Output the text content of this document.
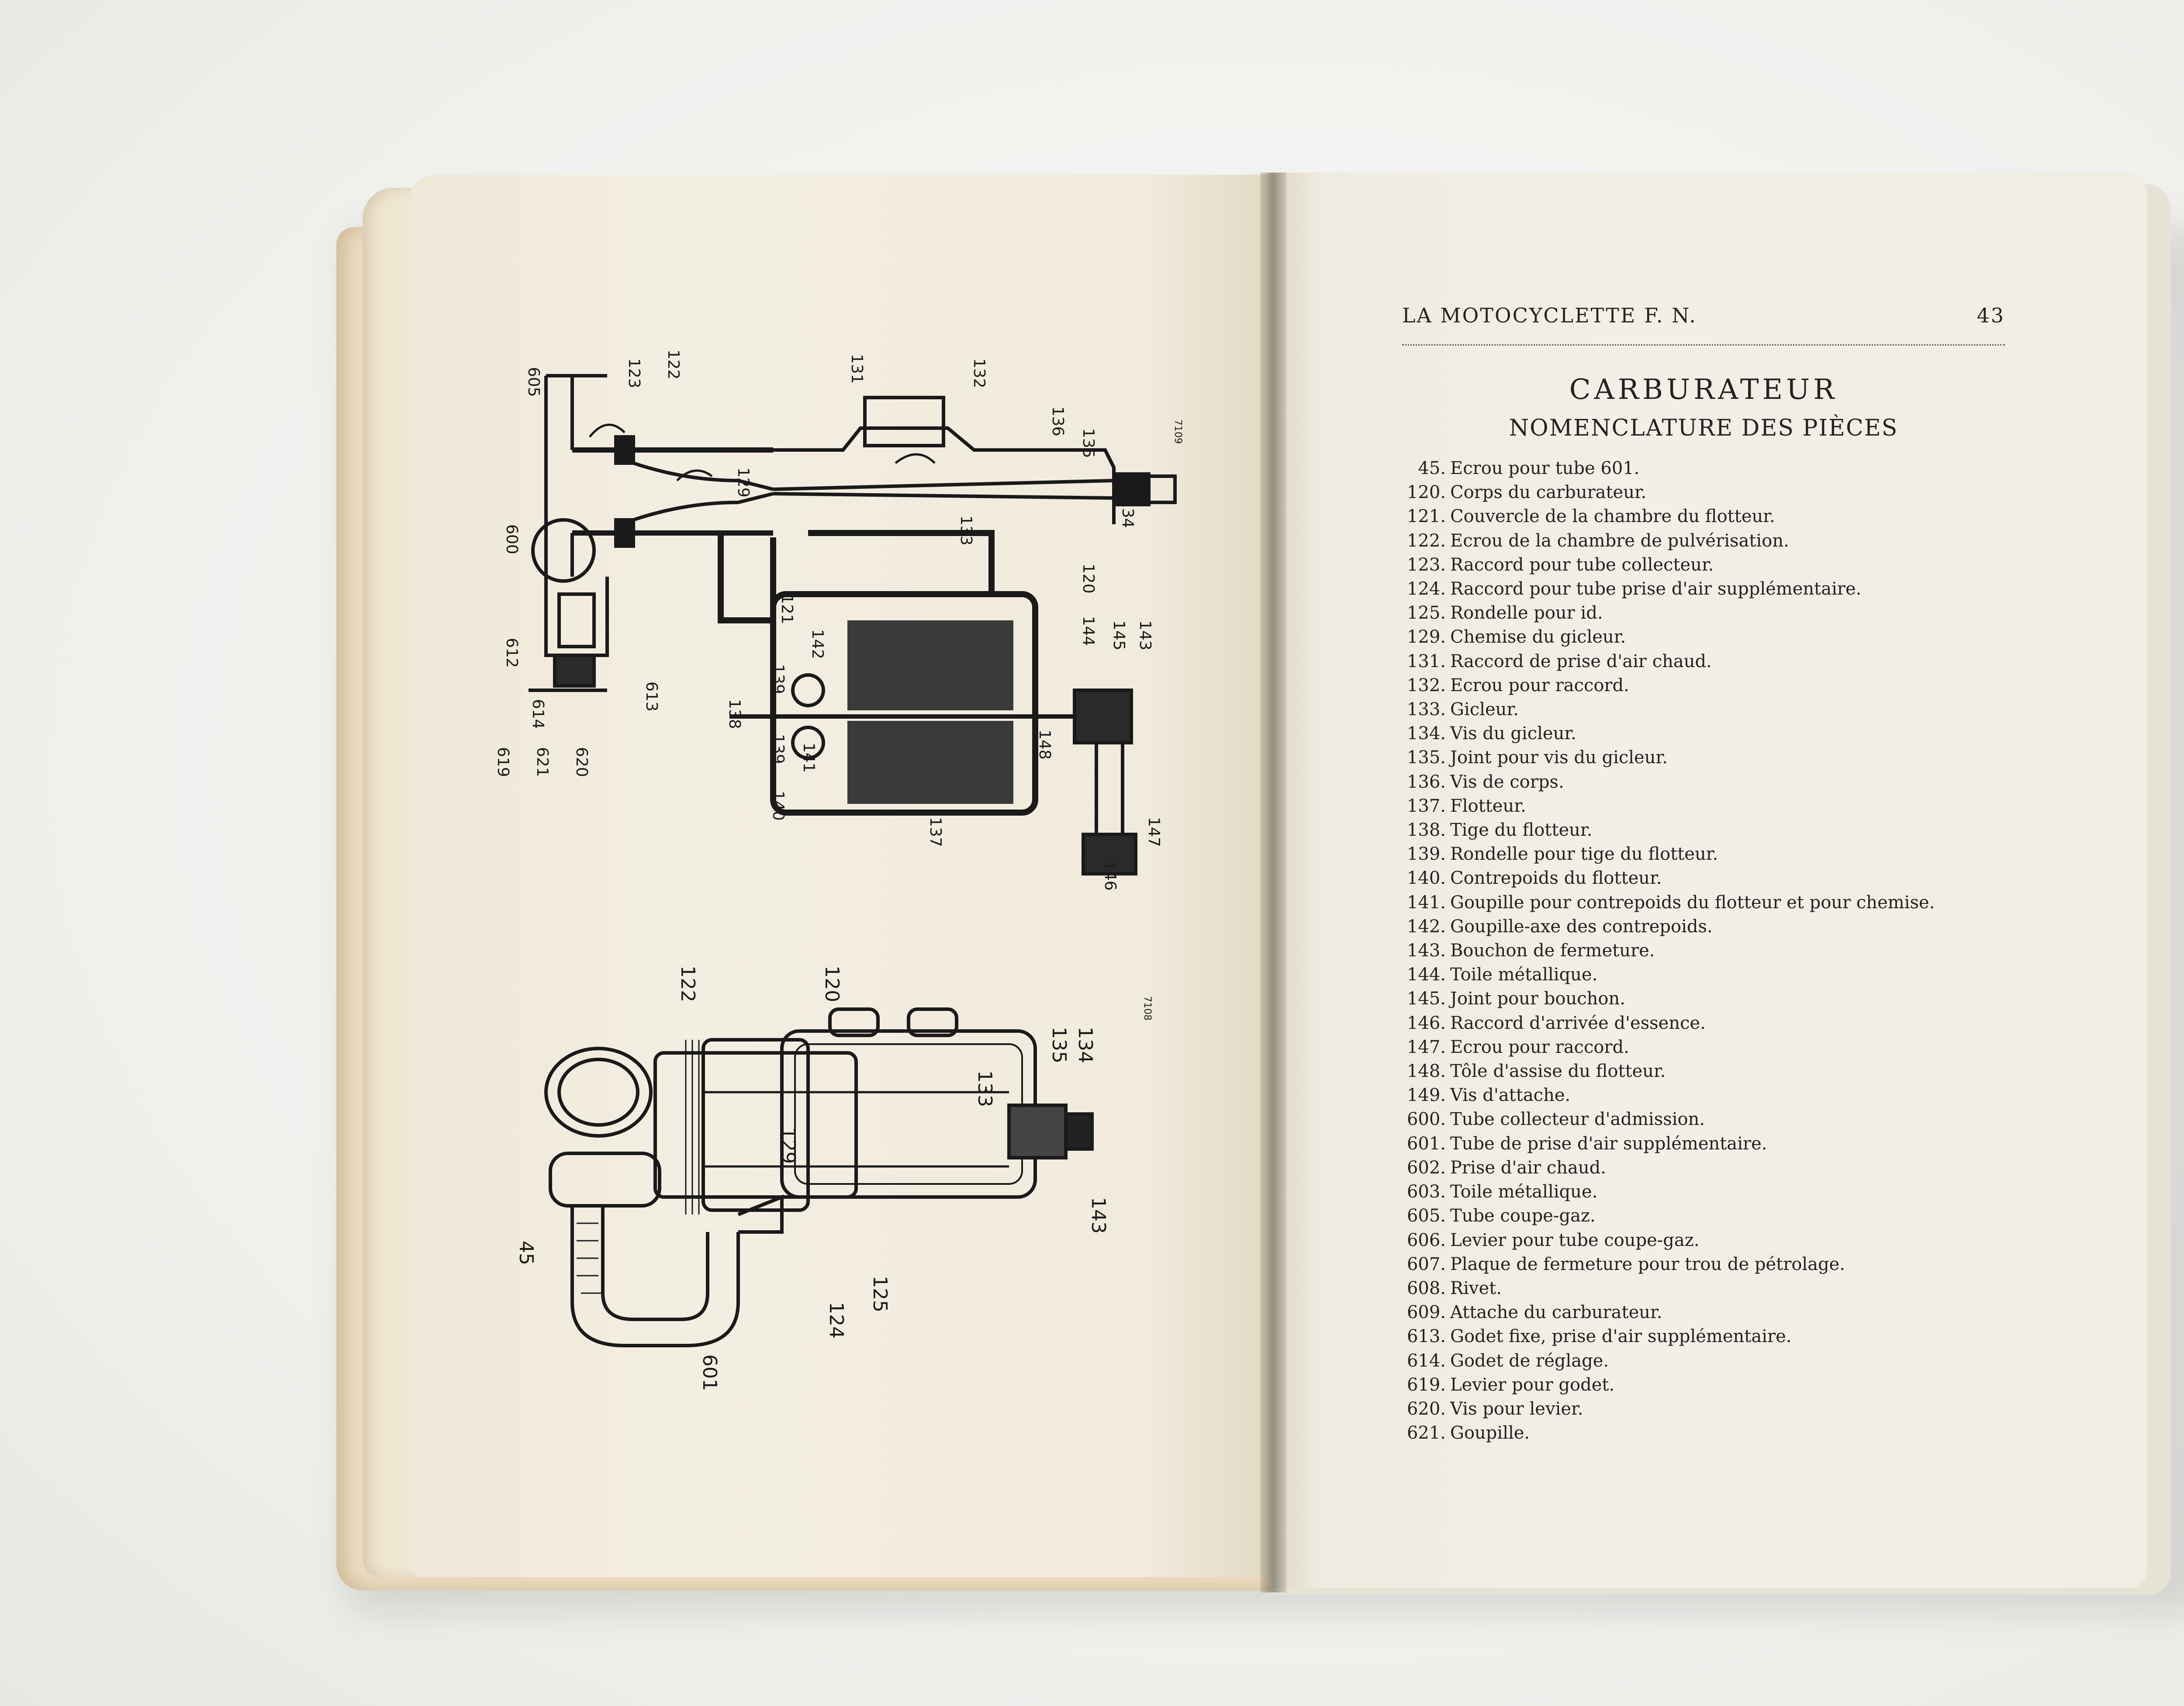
605	123 122	131	132
136
135
134
129
133
120
600
612
614
613
138
121
142
139
139 141
140
137
148
144 145 143
147
146
619 621 620
7109
122	120
135 134
133
129
143
45
601
124
125
7108
LA MOTOCYCLETTE F. N.	43
CARBURATEUR
NOMENCLATURE DES PIÈCES
45. Ecrou pour tube 601.
120. Corps du carburateur.
121. Couvercle de la chambre du flotteur.
122. Ecrou de la chambre de pulvérisation.
123. Raccord pour tube collecteur.
124. Raccord pour tube prise d'air supplémentaire.
125. Rondelle pour id.
129. Chemise du gicleur.
131. Raccord de prise d'air chaud.
132. Ecrou pour raccord.
133. Gicleur.
134. Vis du gicleur.
135. Joint pour vis du gicleur.
136. Vis de corps.
137. Flotteur.
138. Tige du flotteur.
139. Rondelle pour tige du flotteur.
140. Contrepoids du flotteur.
141. Goupille pour contrepoids du flotteur et pour chemise.
142. Goupille-axe des contrepoids.
143. Bouchon de fermeture.
144. Toile métallique.
145. Joint pour bouchon.
146. Raccord d'arrivée d'essence.
147. Ecrou pour raccord.
148. Tôle d'assise du flotteur.
149. Vis d'attache.
600. Tube collecteur d'admission.
601. Tube de prise d'air supplémentaire.
602. Prise d'air chaud.
603. Toile métallique.
605. Tube coupe-gaz.
606. Levier pour tube coupe-gaz.
607. Plaque de fermeture pour trou de pétrolage.
608. Rivet.
609. Attache du carburateur.
613. Godet fixe, prise d'air supplémentaire.
614. Godet de réglage.
619. Levier pour godet.
620. Vis pour levier.
621. Goupille.
